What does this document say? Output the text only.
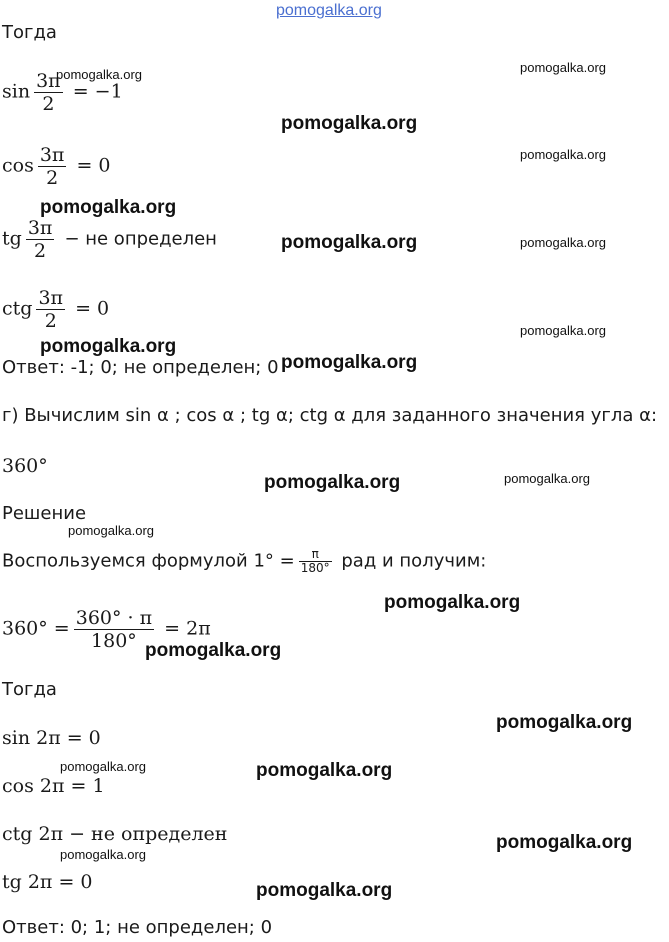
pomogalka.org
Тогда
$\sin \frac{3\pi}{2} = -1$
$\cos \frac{3\pi}{2} = 0$
tg $\frac{3\pi}{2}$ − не определен
ctg $\frac{3\pi}{2} = 0$
Ответ: -1; 0; не определен; 0
г) Вычислим sin α ; cos α ; tg α; ctg α для заданного значения угла α:
360°
Решение
Воспользуемся формулой $1^\circ = \frac{\pi}{180^\circ}$ рад и получим:
$360^\circ = \frac{360^\circ \cdot \pi}{180^\circ} = 2\pi$
Тогда
sin 2π = 0
cos 2π = 1
ctg 2π − не определен
tg 2π = 0
Ответ: 0; 1; не определен; 0
pomogalka.org	pomogalka.org
pomogalka.org
pomogalka.org
pomogalka.org
pomogalka.org	pomogalka.org
pomogalka.org
pomogalka.org
pomogalka.org
pomogalka.org	pomogalka.org
pomogalka.org
pomogalka.org
pomogalka.org
pomogalka.org
pomogalka.org	pomogalka.org
pomogalka.org
pomogalka.org
pomogalka.org
